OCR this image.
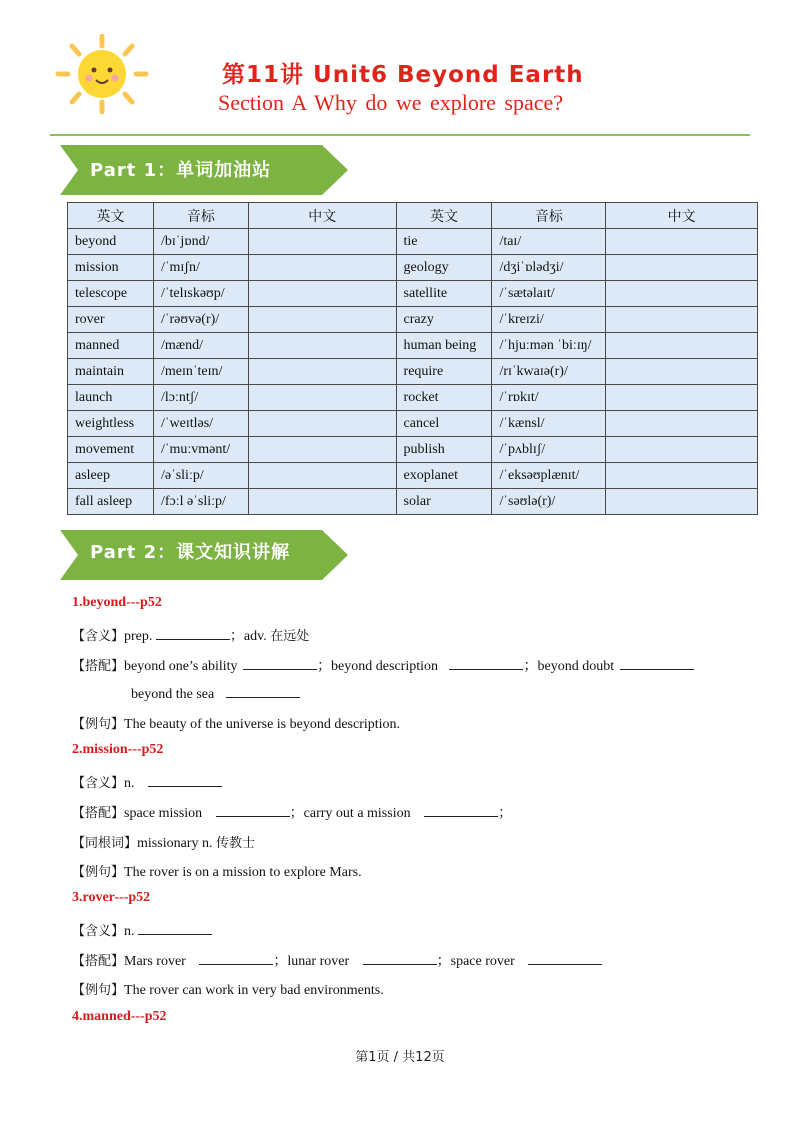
第11讲 Unit6 Beyond Earth
Section A Why do we explore space?
Part 1：单词加油站
英文	音标	中文	英文	音标	中文
beyond	/bɪˈjɒnd/		tie	/taɪ/	
mission	/ˈmɪʃn/		geology	/dʒiˈɒlədʒi/	
telescope	/ˈtelɪskəʊp/		satellite	/ˈsætəlaɪt/	
rover	/ˈrəʊvə(r)/		crazy	/ˈkreɪzi/	
manned	/mænd/		human being	/ˈhjuːmən ˈbiːɪŋ/	
maintain	/meɪnˈteɪn/		require	/rɪˈkwaɪə(r)/	
launch	/lɔːntʃ/		rocket	/ˈrɒkɪt/	
weightless	/ˈweɪtləs/		cancel	/ˈkænsl/	
movement	/ˈmuːvmənt/		publish	/ˈpʌblɪʃ/	
asleep	/əˈsliːp/		exoplanet	/ˈeksəʊplænɪt/	
fall asleep	/fɔːl əˈsliːp/		solar	/ˈsəʊlə(r)/	
Part 2：课文知识讲解
1.beyond---p52
【含义】prep.	；adv. 在远处
【搭配】beyond one’s ability	；beyond description	；beyond doubt
beyond the sea
【例句】The beauty of the universe is beyond description.
2.mission---p52
【含义】n.
【搭配】space mission	；carry out a mission	；
【同根词】missionary n. 传教士
【例句】The rover is on a mission to explore Mars.
3.rover---p52
【含义】n.
【搭配】Mars rover	；lunar rover	；space rover
【例句】The rover can work in very bad environments.
4.manned---p52
第1页 / 共12页
